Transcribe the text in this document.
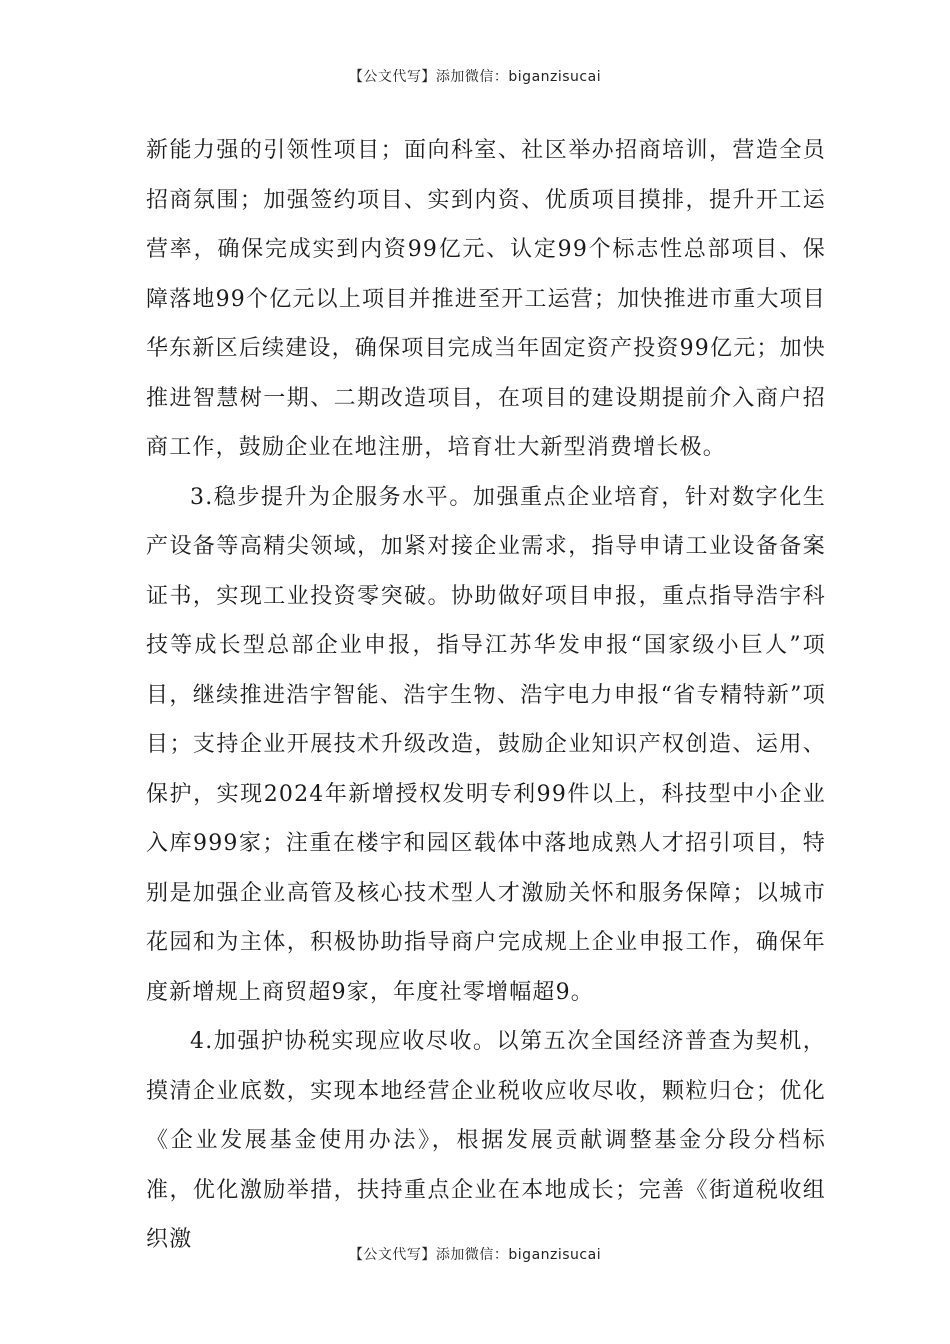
【公文代写】添加微信：biganzisucai

新能力强的引领性项目；面向科室、社区举办招商培训，营造全员招商氛围；加强签约项目、实到内资、优质项目摸排，提升开工运营率，确保完成实到内资99亿元、认定99个标志性总部项目、保障落地99个亿元以上项目并推进至开工运营；加快推进市重大项目华东新区后续建设，确保项目完成当年固定资产投资99亿元；加快推进智慧树一期、二期改造项目，在项目的建设期提前介入商户招商工作，鼓励企业在地注册，培育壮大新型消费增长极。

3.稳步提升为企服务水平。加强重点企业培育，针对数字化生产设备等高精尖领域，加紧对接企业需求，指导申请工业设备备案证书，实现工业投资零突破。协助做好项目申报，重点指导浩宇科技等成长型总部企业申报，指导江苏华发申报“国家级小巨人”项目，继续推进浩宇智能、浩宇生物、浩宇电力申报“省专精特新”项目；支持企业开展技术升级改造，鼓励企业知识产权创造、运用、保护，实现2024年新增授权发明专利99件以上，科技型中小企业入库999家；注重在楼宇和园区载体中落地成熟人才招引项目，特别是加强企业高管及核心技术型人才激励关怀和服务保障；以城市花园和为主体，积极协助指导商户完成规上企业申报工作，确保年度新增规上商贸超9家，年度社零增幅超9。

4.加强护协税实现应收尽收。以第五次全国经济普查为契机，摸清企业底数，实现本地经营企业税收应收尽收，颗粒归仓；优化《企业发展基金使用办法》，根据发展贡献调整基金分段分档标准，优化激励举措，扶持重点企业在本地成长；完善《街道税收组织激

【公文代写】添加微信：biganzisucai
